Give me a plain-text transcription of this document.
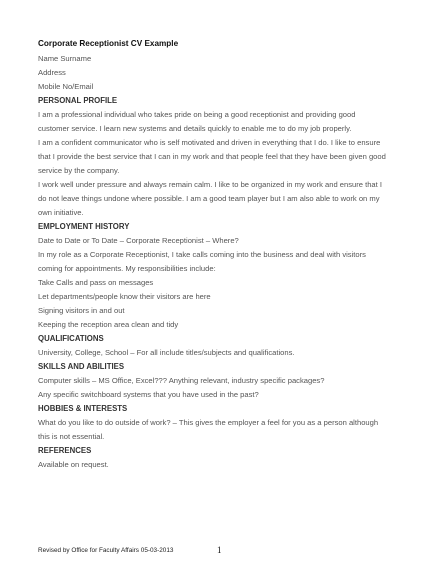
Corporate Receptionist CV Example
Name Surname
Address
Mobile No/Email
PERSONAL PROFILE
I am a professional individual who takes pride on being a good receptionist and providing good
customer service. I learn new systems and details quickly to enable me to do my job properly.
I am a confident communicator who is self motivated and driven in everything that I do. I like to ensure
that I provide the best service that I can in my work and that people feel that they have been given good
service by the company.
I work well under pressure and always remain calm. I like to be organized in my work and ensure that I
do not leave things undone where possible. I am a good team player but I am also able to work on my
own initiative.
EMPLOYMENT HISTORY
Date to Date or To Date – Corporate Receptionist – Where?
In my role as a Corporate Receptionist, I take calls coming into the business and deal with visitors
coming for appointments. My responsibilities include:
Take Calls and pass on messages
Let departments/people know their visitors are here
Signing visitors in and out
Keeping the reception area clean and tidy
QUALIFICATIONS
University, College, School – For all include titles/subjects and qualifications.
SKILLS AND ABILITIES
Computer skills – MS Office, Excel??? Anything relevant, industry specific packages?
Any specific switchboard systems that you have used in the past?
HOBBIES & INTERESTS
What do you like to do outside of work? – This gives the employer a feel for you as a person although
this is not essential.
REFERENCES
Available on request.
Revised by Office for Faculty Affairs 05-03-2013	1
